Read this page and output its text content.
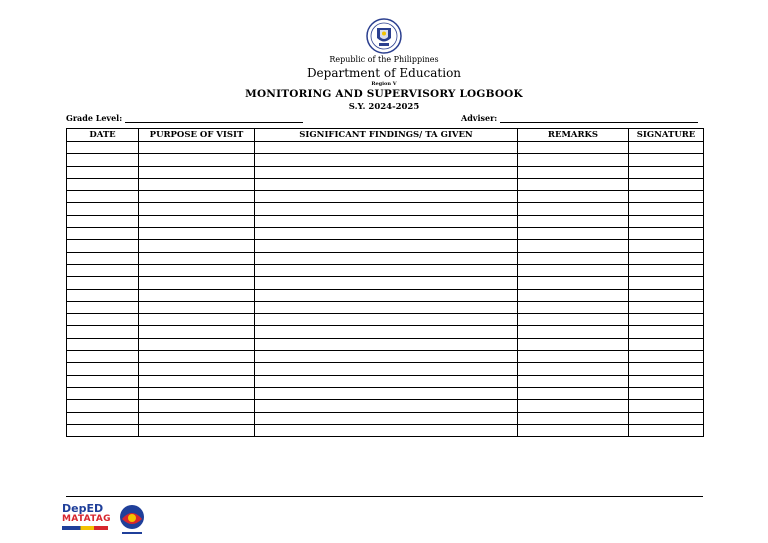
Republic of the Philippines
Department of Education
Region V
MONITORING AND SUPERVISORY LOGBOOK
S.Y. 2024-2025
Grade Level:	Adviser:
DATE	PURPOSE OF VISIT	SIGNIFICANT FINDINGS/ TA GIVEN	REMARKS	SIGNATURE

DepED
MATATAG
